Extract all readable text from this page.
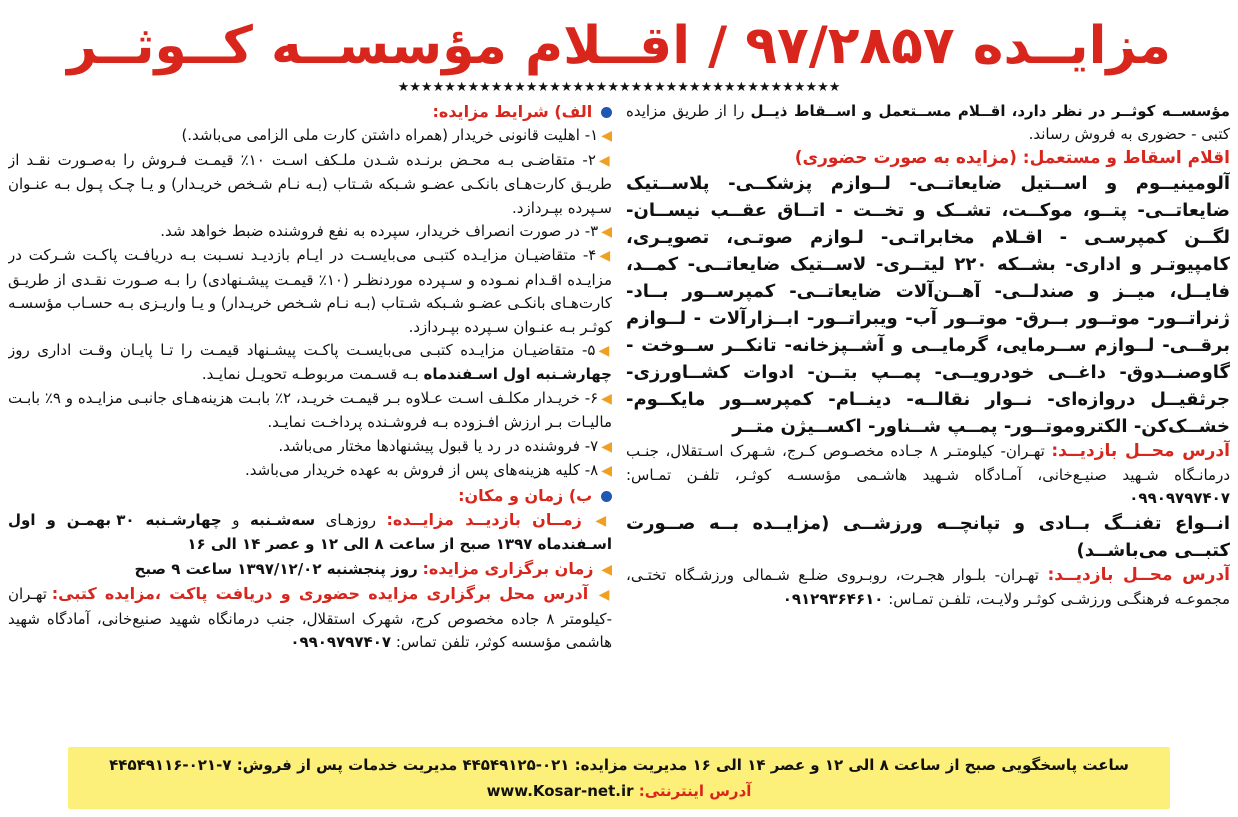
مزایــده ۹۷/۲۸۵۷ / اقــلام مؤسســه کــوثــر
★★★★★★★★★★★★★★★★★★★★★★★★★★★★★★★★★★★★★★

مؤسســه کوثــر در نظر دارد، اقــلام مســتعمل و اســقاط ذیــل را از طریق مزایده کتبی - حضوری به فروش رساند.

اقلام اسقاط و مستعمل: (مزایده به صورت حضوری)

آلومینیــوم و اســتیل ضایعاتــی- لــوازم پزشکــی- پلاســتیک ضایعاتــی- پتــو، موکــت، تشــک و تخــت - اتــاق عقــب نیســان- لگــن کمپرسـی - اقـلام مخابراتـی- لـوازم صوتـی، تصویـری، کامپیوتـر و اداری- بشــکه ۲۲۰ لیتــری- لاســتیک ضایعاتــی- کمــد، فایــل، میــز و صندلــی- آهــن‌آلات ضایعاتــی- کمپرســور بــاد- ژنراتــور- موتــور بــرق- موتــور آب- ویبراتــور- ابــزارآلات - لــوازم برقــی- لــوازم ســرمایی، گرمایــی و آشــپزخانه- تانکــر ســوخت - گاوصنــدوق- داغــی خودرویــی- پمــپ بتــن- ادوات کشــاورزی- جرثقیــل دروازه‌ای- نــوار نقالــه- دینــام- کمپرســور مایکــوم- خشــک‌کن- الکتروموتــور- پمــپ شــناور- اکســیژن متــر

آدرس محــل بازدیــد: تهـران- کیلومتـر ۸ جـاده مخصـوص کـرج، شـهرک اسـتقلال، جنـب درمانـگاه شـهید صنیـع‌خانی، آمـادگاه شـهید هاشـمی مؤسسـه کوثـر، تلفـن تمـاس: ۰۹۹۰۹۷۹۷۴۰۷

انــواع تفنــگ بــادی و تپانچــه ورزشــی (مزایــده بــه صــورت کتبــی می‌باشــد)

آدرس محــل بازدیــد: تهـران- بلـوار هجـرت، روبـروی ضلـع شـمالی ورزشـگاه تختـی، مجموعـه فرهنگـی ورزشـی کوثـر ولایـت، تلفـن تمـاس: ۰۹۱۲۹۳۶۴۶۱۰

الف) شرایط مزایده:

◀۱- اهلیت قانونی خریدار (همراه داشتن کارت ملی الزامی می‌باشد.)

◀۲- متقاضـی بـه محـض برنـده شـدن ملـکف اسـت ۱۰٪ قیمـت فـروش را به‌صـورت نقـد از طریـق کارت‌هـای بانکـی عضـو شـبکه شـتاب (بـه نـام شـخص خریـدار) و یـا چـک پـول بـه عنـوان سـپرده بپـردازد.

◀۳- در صورت انصراف خریدار، سپرده به نفع فروشنده ضبط خواهد شد.

◀۴- متقاضیـان مزایـده کتبـی می‌بایسـت در ایـام بازدیـد نسـبت بـه دریافـت پاکـت شـرکت در مزایـده اقـدام نمـوده و سـپرده موردنظـر (۱۰٪ قیمـت پیشـنهادی) را بـه صـورت نقـدی از طریـق کارت‌هـای بانکـی عضـو شـبکه شـتاب (بـه نـام شـخص خریـدار) و یـا واریـزی بـه حسـاب مؤسسـه کوثـر بـه عنـوان سـپرده بپـردازد.

◀۵- متقاضیـان مزایـده کتبـی می‌بایسـت پاکـت پیشـنهاد قیمـت را تـا پایـان وقـت اداری روز چهارشـنبه اول اسـفندماه بـه قسـمت مربوطـه تحویـل نمایـد.

◀۶- خریـدار مکلـف اسـت عـلاوه بـر قیمـت خریـد، ۲٪ بابـت هزینه‌هـای جانبـی مزایـده و ۹٪ بابـت مالیـات بـر ارزش افـزوده بـه فروشـنده پرداخـت نمایـد.

◀۷- فروشنده در رد یا قبول پیشنهادها مختار می‌باشد.

◀۸- کلیه هزینه‌های پس از فروش به عهده خریدار می‌باشد.

ب) زمان و مکان:

◀ زمــان بازدیــد مزایــده: روزهـای سه‌شـنبه و چهارشـنبه ۳۰ بهمـن و اول اسـفندماه ۱۳۹۷ صبح از ساعت ۸ الی ۱۲ و عصر ۱۴ الی ۱۶

◀ زمان برگزاری مزایده: روز پنجشنبه ۱۳۹۷/۱۲/۰۲ ساعت ۹ صبح

◀ آدرس محل برگزاری مزایده حضوری و دریافت پاکت ،مزایده کتبی: تهـران -کیلومتر ۸ جاده مخصوص کرج، شهرک استقلال، جنب درمانگاه شهید صنیع‌خانی، آمادگاه شهید هاشمی مؤسسه کوثر، تلفن تماس: ۰۹۹۰۹۷۹۷۴۰۷

ساعت پاسخگویی صبح از ساعت ۸ الی ۱۲ و عصر ۱۴ الی ۱۶ مدیریت مزایده: ۰۲۱-۴۴۵۴۹۱۲۵ مدیریت خدمات پس از فروش: ۷-۰۲۱-۴۴۵۴۹۱۱۶
آدرس اینترنتی: www.Kosar-net.ir
